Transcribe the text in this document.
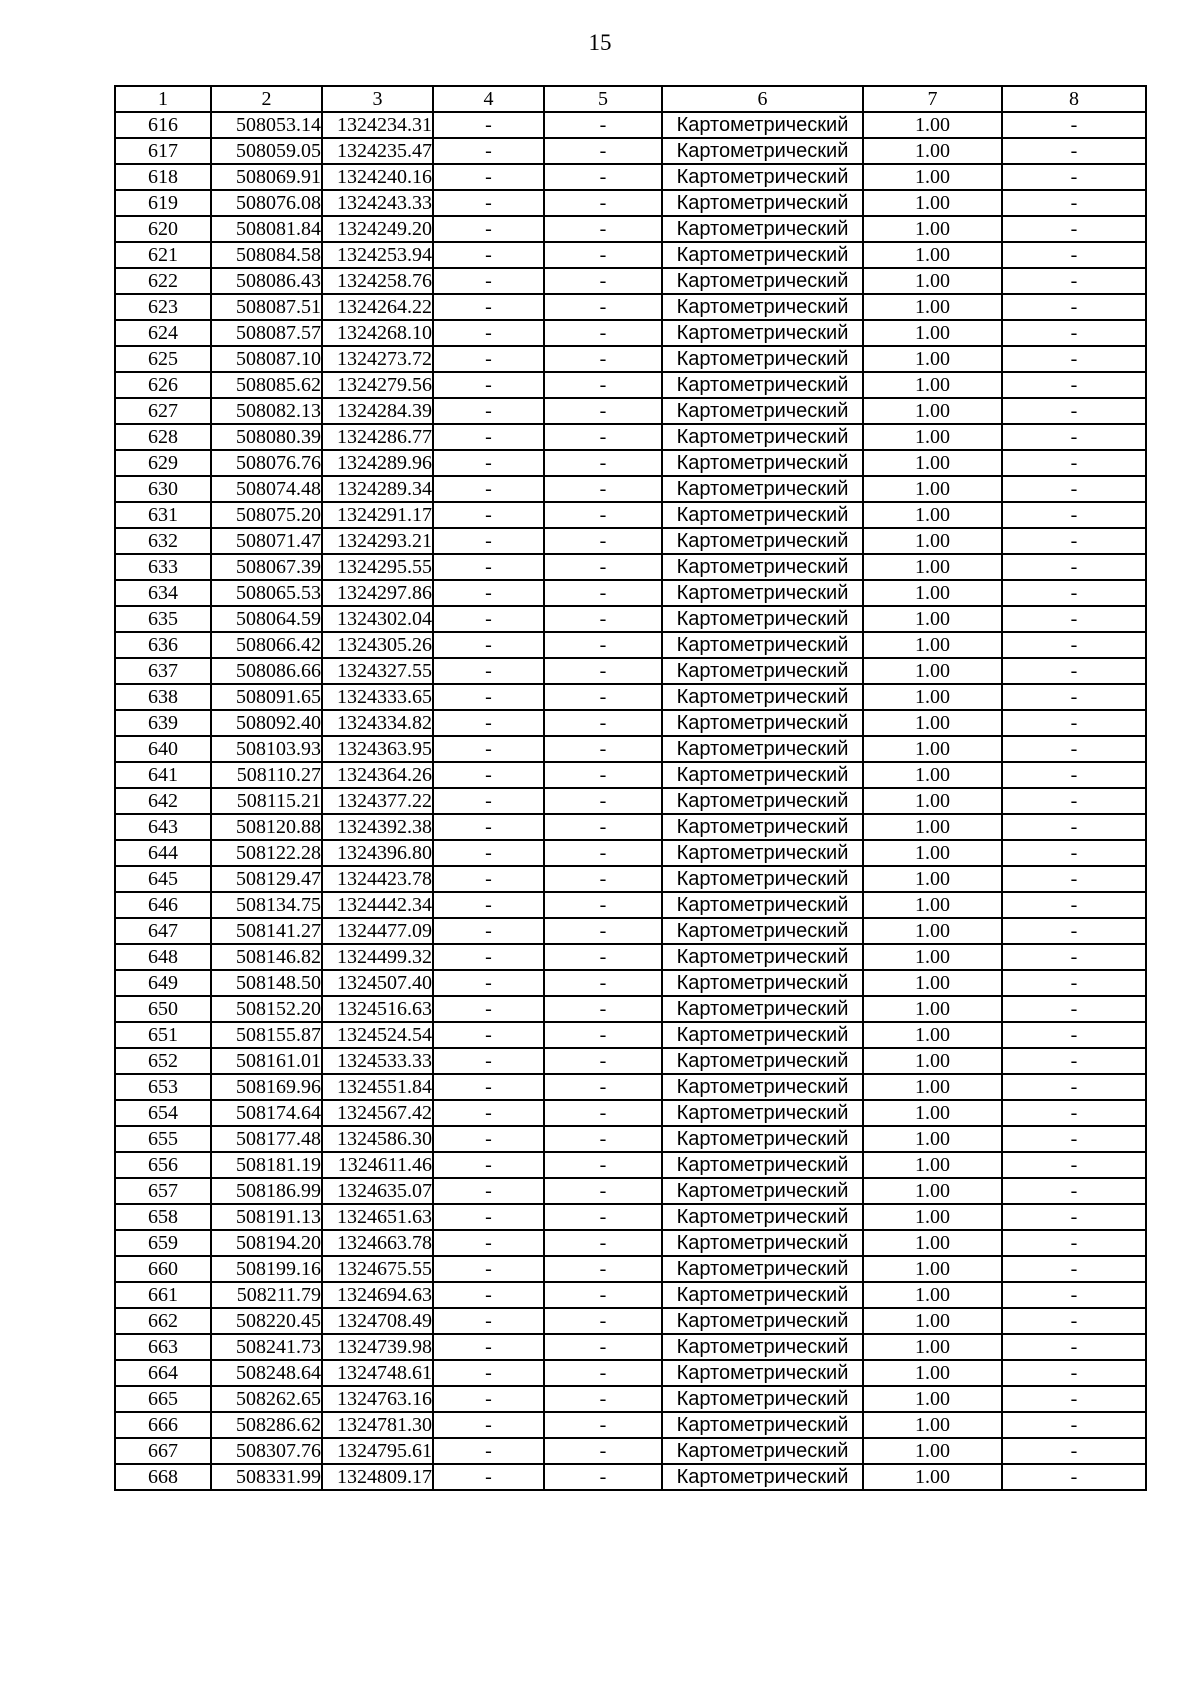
15
1	2	3	4	5	6	7	8
616	508053.14	1324234.31	-	-	Картометрический	1.00	-
617	508059.05	1324235.47	-	-	Картометрический	1.00	-
618	508069.91	1324240.16	-	-	Картометрический	1.00	-
619	508076.08	1324243.33	-	-	Картометрический	1.00	-
620	508081.84	1324249.20	-	-	Картометрический	1.00	-
621	508084.58	1324253.94	-	-	Картометрический	1.00	-
622	508086.43	1324258.76	-	-	Картометрический	1.00	-
623	508087.51	1324264.22	-	-	Картометрический	1.00	-
624	508087.57	1324268.10	-	-	Картометрический	1.00	-
625	508087.10	1324273.72	-	-	Картометрический	1.00	-
626	508085.62	1324279.56	-	-	Картометрический	1.00	-
627	508082.13	1324284.39	-	-	Картометрический	1.00	-
628	508080.39	1324286.77	-	-	Картометрический	1.00	-
629	508076.76	1324289.96	-	-	Картометрический	1.00	-
630	508074.48	1324289.34	-	-	Картометрический	1.00	-
631	508075.20	1324291.17	-	-	Картометрический	1.00	-
632	508071.47	1324293.21	-	-	Картометрический	1.00	-
633	508067.39	1324295.55	-	-	Картометрический	1.00	-
634	508065.53	1324297.86	-	-	Картометрический	1.00	-
635	508064.59	1324302.04	-	-	Картометрический	1.00	-
636	508066.42	1324305.26	-	-	Картометрический	1.00	-
637	508086.66	1324327.55	-	-	Картометрический	1.00	-
638	508091.65	1324333.65	-	-	Картометрический	1.00	-
639	508092.40	1324334.82	-	-	Картометрический	1.00	-
640	508103.93	1324363.95	-	-	Картометрический	1.00	-
641	508110.27	1324364.26	-	-	Картометрический	1.00	-
642	508115.21	1324377.22	-	-	Картометрический	1.00	-
643	508120.88	1324392.38	-	-	Картометрический	1.00	-
644	508122.28	1324396.80	-	-	Картометрический	1.00	-
645	508129.47	1324423.78	-	-	Картометрический	1.00	-
646	508134.75	1324442.34	-	-	Картометрический	1.00	-
647	508141.27	1324477.09	-	-	Картометрический	1.00	-
648	508146.82	1324499.32	-	-	Картометрический	1.00	-
649	508148.50	1324507.40	-	-	Картометрический	1.00	-
650	508152.20	1324516.63	-	-	Картометрический	1.00	-
651	508155.87	1324524.54	-	-	Картометрический	1.00	-
652	508161.01	1324533.33	-	-	Картометрический	1.00	-
653	508169.96	1324551.84	-	-	Картометрический	1.00	-
654	508174.64	1324567.42	-	-	Картометрический	1.00	-
655	508177.48	1324586.30	-	-	Картометрический	1.00	-
656	508181.19	1324611.46	-	-	Картометрический	1.00	-
657	508186.99	1324635.07	-	-	Картометрический	1.00	-
658	508191.13	1324651.63	-	-	Картометрический	1.00	-
659	508194.20	1324663.78	-	-	Картометрический	1.00	-
660	508199.16	1324675.55	-	-	Картометрический	1.00	-
661	508211.79	1324694.63	-	-	Картометрический	1.00	-
662	508220.45	1324708.49	-	-	Картометрический	1.00	-
663	508241.73	1324739.98	-	-	Картометрический	1.00	-
664	508248.64	1324748.61	-	-	Картометрический	1.00	-
665	508262.65	1324763.16	-	-	Картометрический	1.00	-
666	508286.62	1324781.30	-	-	Картометрический	1.00	-
667	508307.76	1324795.61	-	-	Картометрический	1.00	-
668	508331.99	1324809.17	-	-	Картометрический	1.00	-
